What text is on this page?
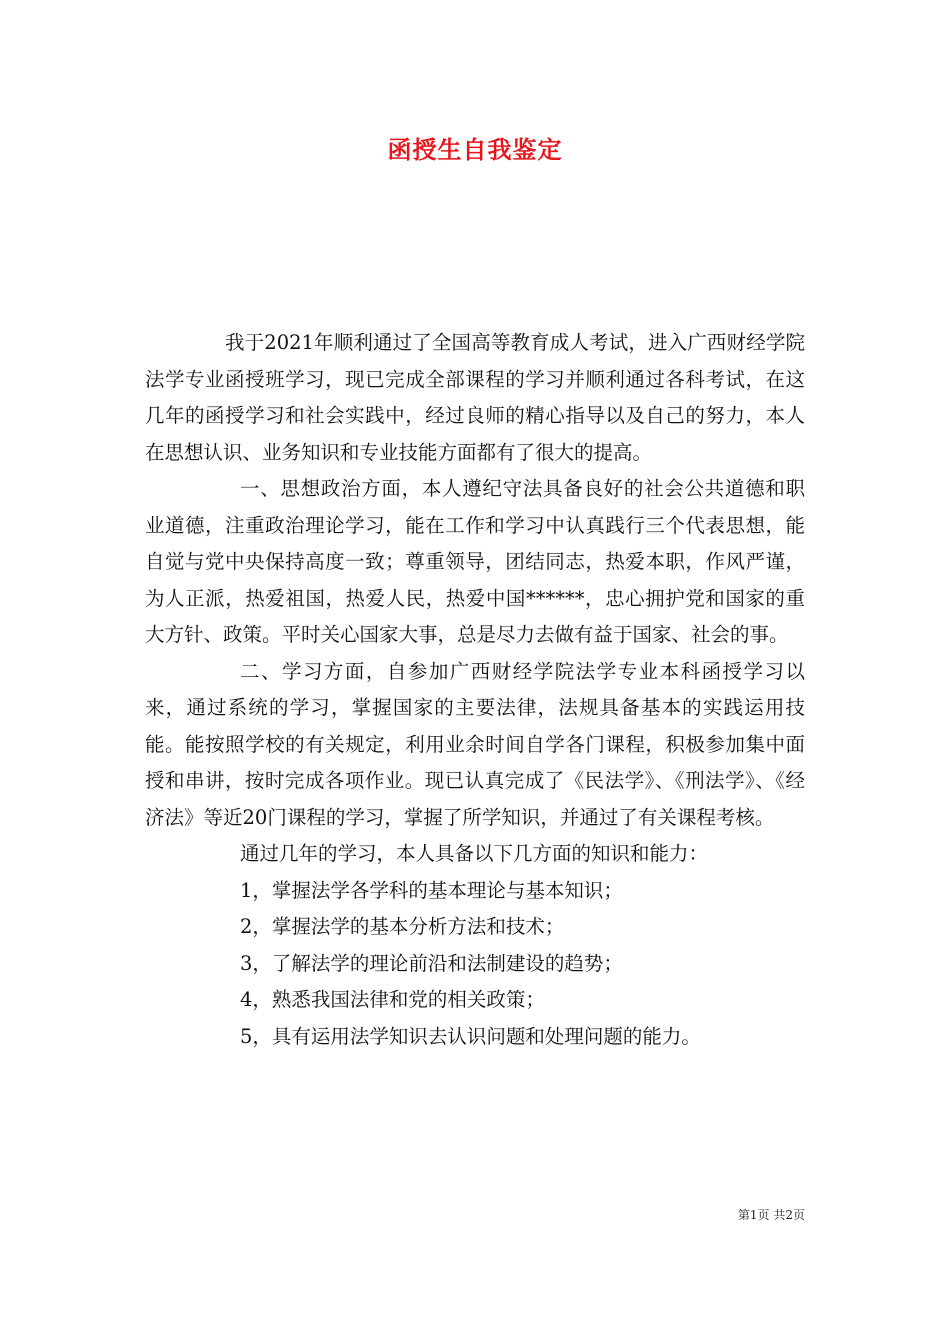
函授生自我鉴定

我于2021年顺利通过了全国高等教育成人考试，进入广西财经学院法学专业函授班学习，现已完成全部课程的学习并顺利通过各科考试，在这几年的函授学习和社会实践中，经过良师的精心指导以及自己的努力，本人在思想认识、业务知识和专业技能方面都有了很大的提高。

一、思想政治方面，本人遵纪守法具备良好的社会公共道德和职业道德，注重政治理论学习，能在工作和学习中认真践行三个代表思想，能自觉与党中央保持高度一致；尊重领导，团结同志，热爱本职，作风严谨，为人正派，热爱祖国，热爱人民，热爱中国******，忠心拥护党和国家的重大方针、政策。平时关心国家大事，总是尽力去做有益于国家、社会的事。

二、学习方面，自参加广西财经学院法学专业本科函授学习以来，通过系统的学习，掌握国家的主要法律，法规具备基本的实践运用技能。能按照学校的有关规定，利用业余时间自学各门课程，积极参加集中面授和串讲，按时完成各项作业。现已认真完成了《民法学》、《刑法学》、《经济法》等近20门课程的学习，掌握了所学知识，并通过了有关课程考核。

通过几年的学习，本人具备以下几方面的知识和能力：

1，掌握法学各学科的基本理论与基本知识；

2，掌握法学的基本分析方法和技术；

3，了解法学的理论前沿和法制建设的趋势；

4，熟悉我国法律和党的相关政策；

5，具有运用法学知识去认识问题和处理问题的能力。

第1页 共2页
